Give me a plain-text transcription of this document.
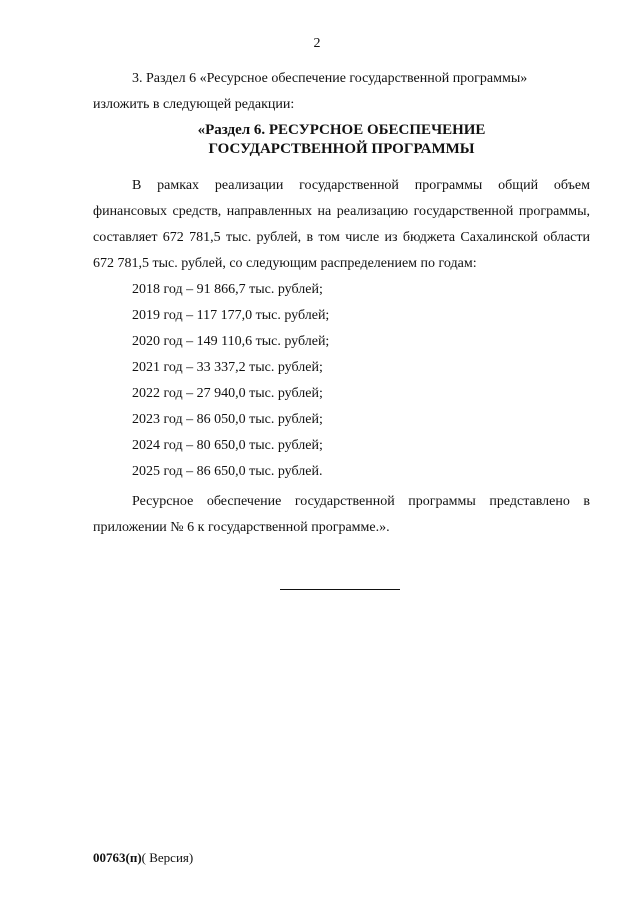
2

3. Раздел 6 «Ресурсное обеспечение государственной программы»
изложить в следующей редакции:

«Раздел 6. РЕСУРСНОЕ ОБЕСПЕЧЕНИЕ

ГОСУДАРСТВЕННОЙ ПРОГРАММЫ

В рамках реализации государственной программы общий объем финансовых средств, направленных на реализацию государственной программы, составляет 672 781,5 тыс. рублей, в том числе из бюджета Сахалинской области 672 781,5 тыс. рублей, со следующим распределением по годам:

2018 год – 91 866,7 тыс. рублей;
2019 год – 117 177,0 тыс. рублей;
2020 год – 149 110,6 тыс. рублей;
2021 год – 33 337,2 тыс. рублей;
2022 год – 27 940,0 тыс. рублей;
2023 год – 86 050,0 тыс. рублей;
2024 год – 80 650,0 тыс. рублей;
2025 год – 86 650,0 тыс. рублей.

Ресурсное обеспечение государственной программы представлено в приложении № 6 к государственной программе.».

00763(п)( Версия)
